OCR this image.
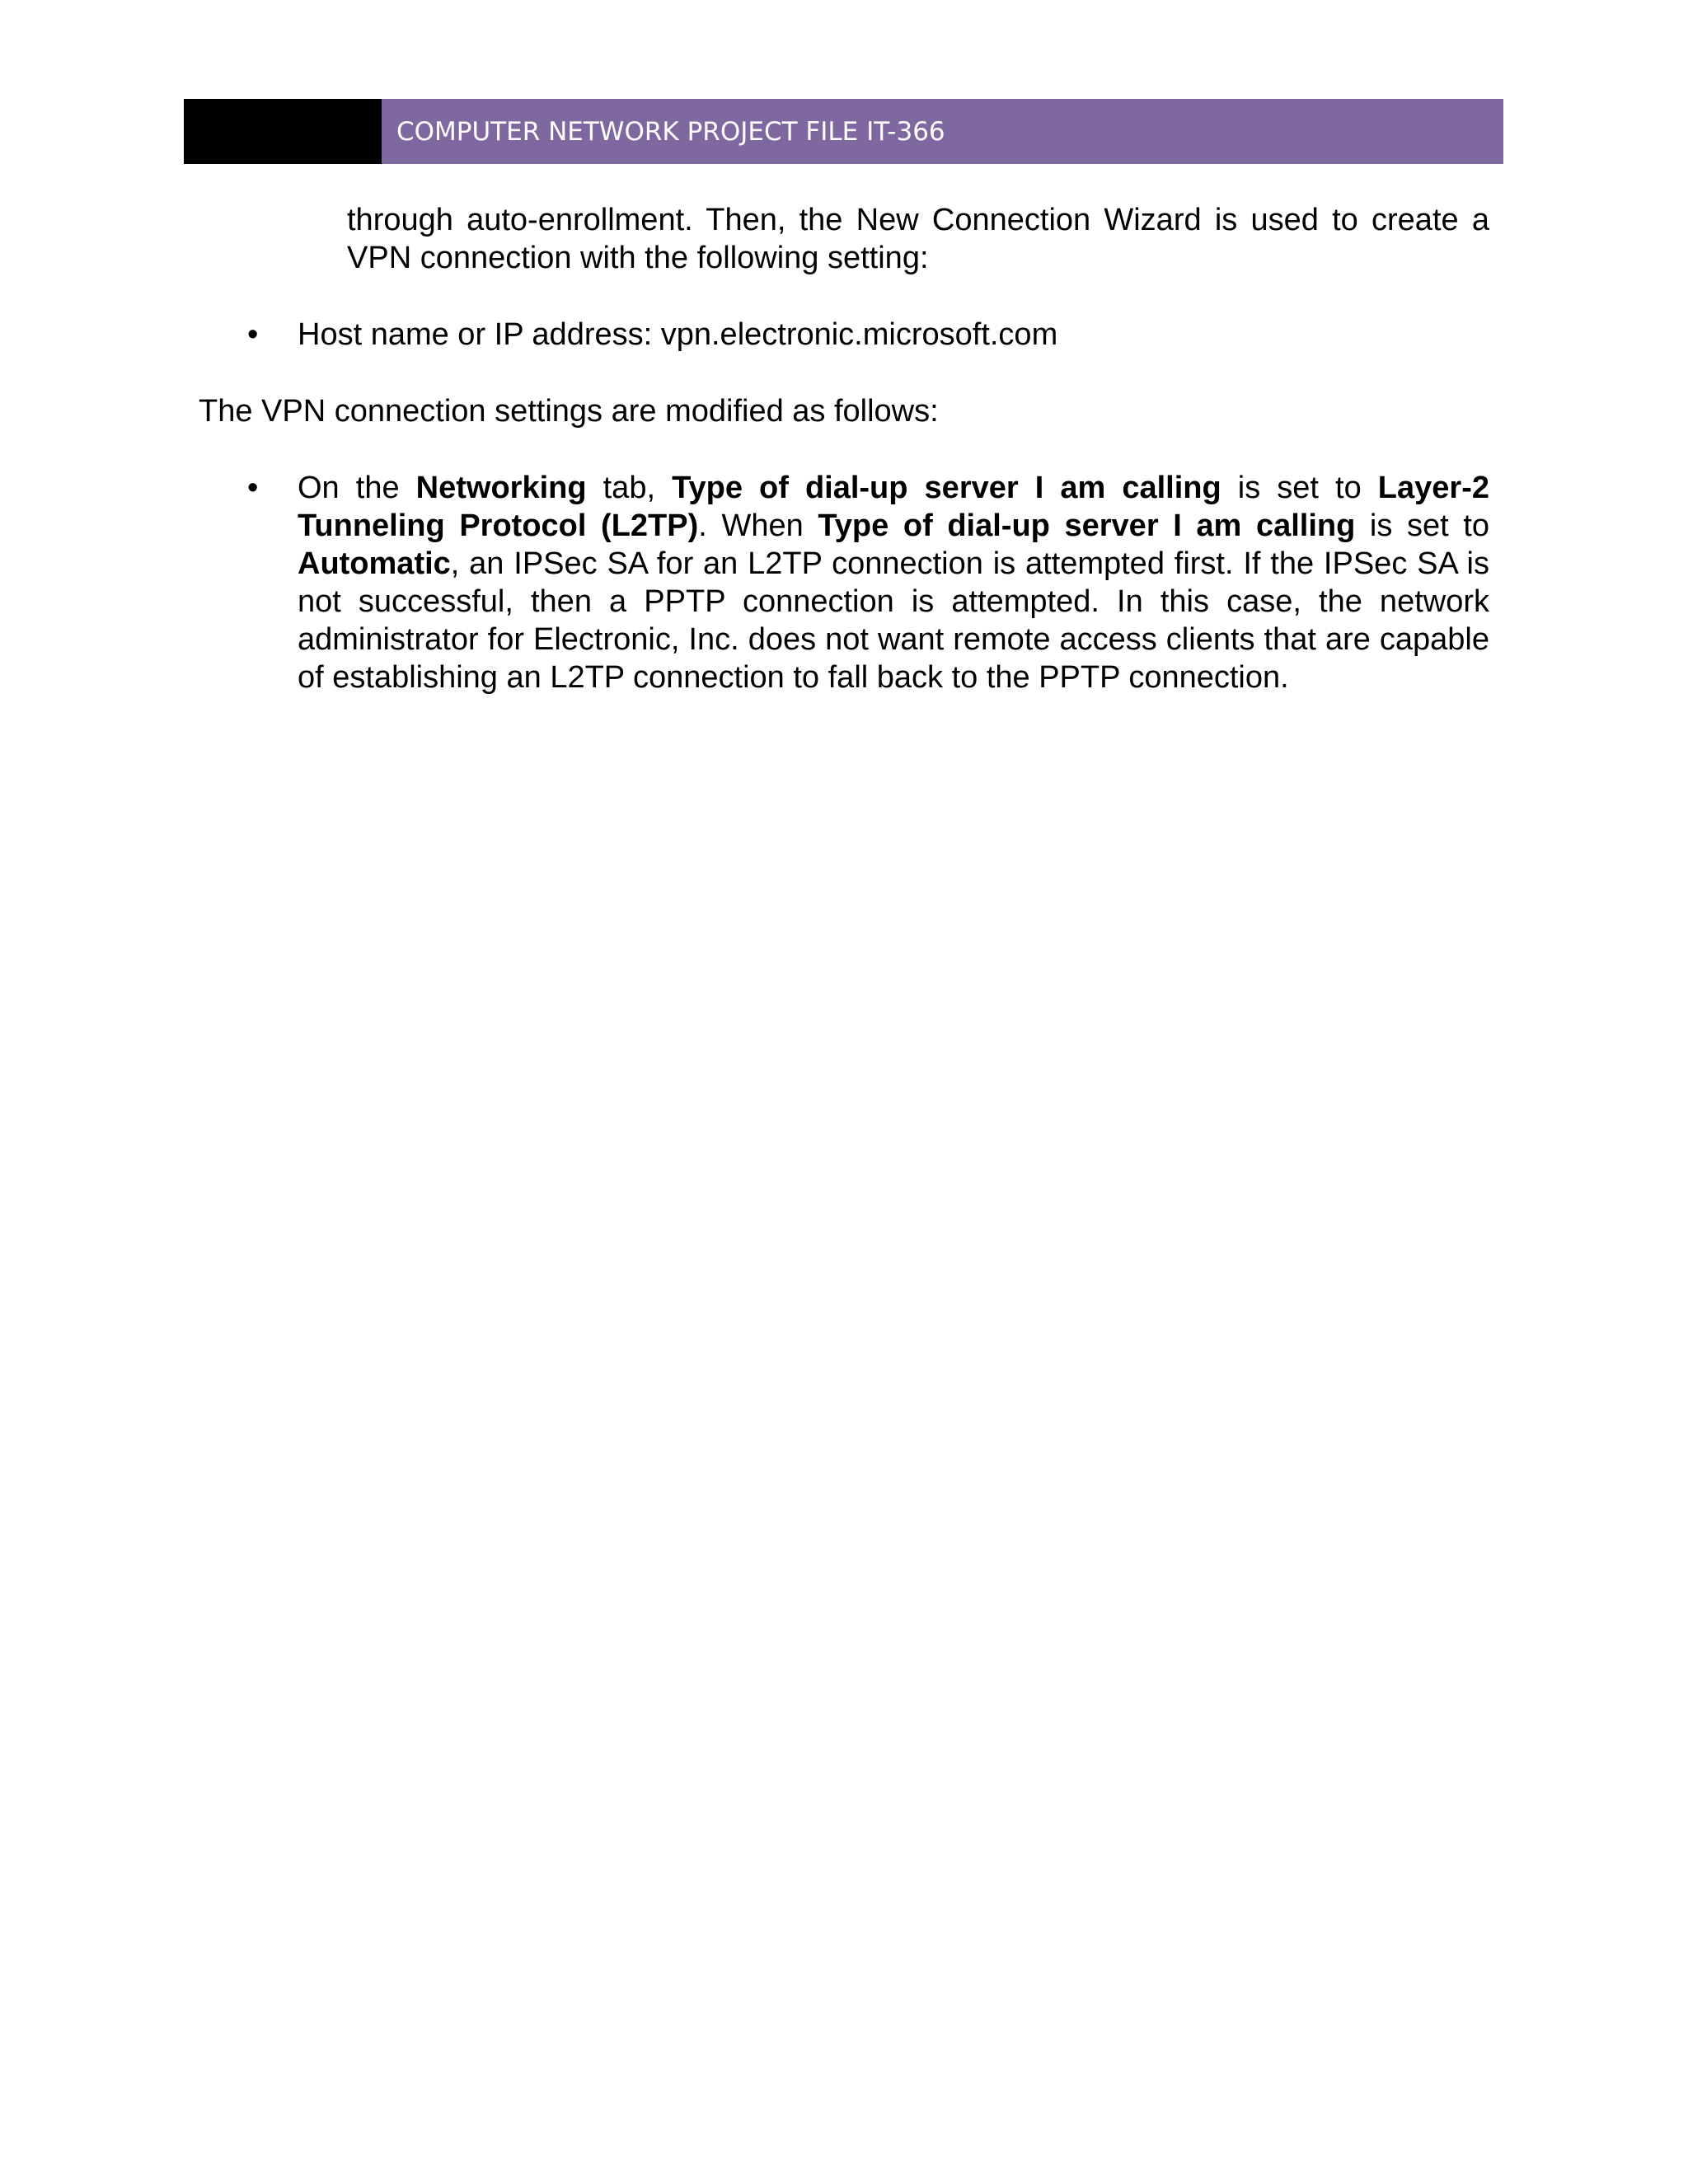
COMPUTER NETWORK PROJECT FILE IT-366

through auto-enrollment. Then, the New Connection Wizard is used to create a VPN connection with the following setting:

• Host name or IP address: vpn.electronic.microsoft.com

The VPN connection settings are modified as follows:

• On the Networking tab, Type of dial-up server I am calling is set to Layer-2 Tunneling Protocol (L2TP). When Type of dial-up server I am calling is set to Automatic, an IPSec SA for an L2TP connection is attempted first. If the IPSec SA is not successful, then a PPTP connection is attempted. In this case, the network administrator for Electronic, Inc. does not want remote access clients that are capable of establishing an L2TP connection to fall back to the PPTP connection.
